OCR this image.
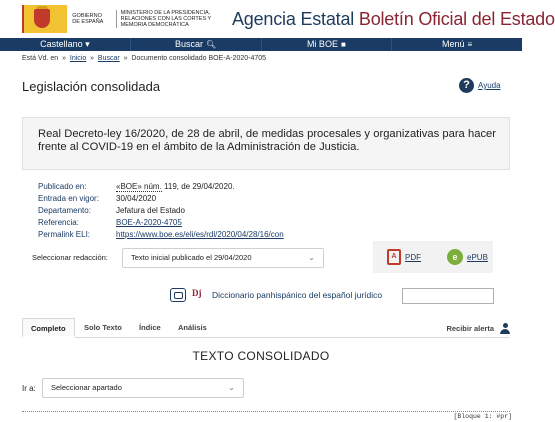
GOBIERNO DE ESPAÑA
MINISTERIO DE LA PRESIDENCIA, RELACIONES CON LAS CORTES Y MEMORIA DEMOCRÁTICA	Agencia Estatal Boletín Oficial del Estado
Castellano ▾	Buscar 🔍︎	Mi BOE ■	Menú ≡
Está Vd. en  »  Inicio  »  Buscar  »  Documento consolidado BOE-A-2020-4705
Legislación consolidada	?	Ayuda
Real Decreto-ley 16/2020, de 28 de abril, de medidas procesales y organizativas para hacer frente al COVID-19 en el ámbito de la Administración de Justicia.
Publicado en:	«BOE» núm. 119, de 29/04/2020.
Entrada en vigor:	30/04/2020
Departamento:	Jefatura del Estado
Referencia:	BOE-A-2020-4705
Permalink ELI:	https://www.boe.es/eli/es/rdl/2020/04/28/16/con
Seleccionar redacción:	Texto inicial publicado el 29/04/2020	⌄	A	PDF	e	ePUB
Dj	Diccionario panhispánico del español jurídico
Completo	Solo Texto Índice Análisis	Recibir alerta
TEXTO CONSOLIDADO
Ir a:	Seleccionar apartado	⌄
[Bloque 1: #pr]
